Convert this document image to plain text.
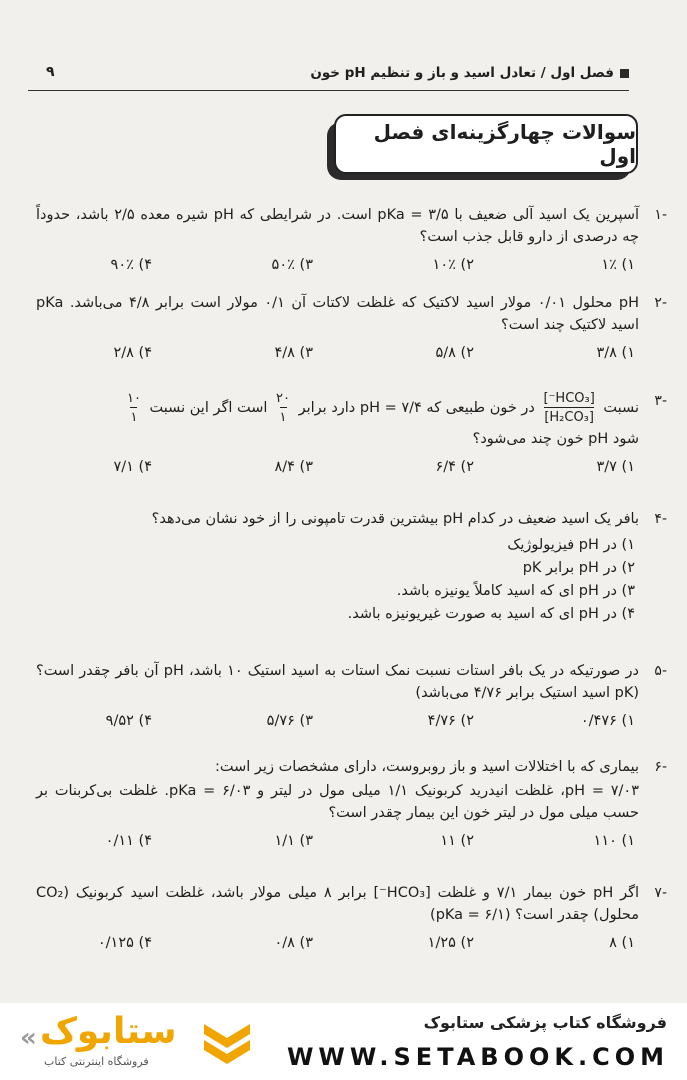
۹	فصل اول / تعادل اسید و باز و تنظیم pH خون
سوالات چهارگزینه‌ای فصل اول
-۱

آسپرین یک اسید آلی ضعیف با pKa = ۳/۵ است. در شرایطی که pH شیره معده ۲/۵ باشد، حدوداً چه درصدی از دارو قابل جذب است؟

۱) ۱٪
۲) ۱۰٪
۳) ۵۰٪
۴) ۹۰٪
-۲

pH محلول ۰/۰۱ مولار اسید لاکتیک که غلظت لاکتات آن ۰/۱ مولار است برابر ۴/۸ می‌باشد. pKa اسید لاکتیک چند است؟

۱) ۳/۸
۲) ۵/۸
۳) ۴/۸
۴) ۲/۸
-۳

نسبت
$\frac{\text{[HCO₃⁻]}}{\text{[H₂CO₃]}}$
در خون طبیعی که pH = ۷/۴ دارد برابر
$\frac{۲۰}{۱}$
است اگر این نسبت
$\frac{۱۰}{۱}$

شود pH خون چند می‌شود؟

۱) ۳/۷
۲) ۶/۴
۳) ۸/۴
۴) ۷/۱
-۴

بافر یک اسید ضعیف در کدام pH بیشترین قدرت تامپونی را از خود نشان می‌دهد؟

۱) در pH فیزیولوژیک
۲) در pH برابر pK
۳) در pH ای که اسید کاملاً یونیزه باشد.
۴) در pH ای که اسید به صورت غیریونیزه باشد.
-۵

در صورتیکه در یک بافر استات نسبت نمک استات به اسید استیک ۱۰ باشد، pH آن بافر چقدر است؟ (pK اسید استیک برابر ۴/۷۶ می‌باشد)

۱) ۰/۴۷۶
۲) ۴/۷۶
۳) ۵/۷۶
۴) ۹/۵۲
-۶

بیماری که با اختلالات اسید و باز روبروست، دارای مشخصات زیر است:

pH = ۷/۰۳، غلظت انیدرید کربونیک ۱/۱ میلی مول در لیتر و pKa = ۶/۰۳. غلظت بی‌کربنات بر حسب میلی مول در لیتر خون این بیمار چقدر است؟

۱) ۱۱۰
۲) ۱۱
۳) ۱/۱
۴) ۰/۱۱
-۷

اگر pH خون بیمار ۷/۱ و غلظت [HCO₃⁻] برابر ۸ میلی مولار باشد، غلظت اسید کربونیک (CO₂ محلول) چقدر است؟ (pKa = ۶/۱)

۱) ۸
۲) ۱/۲۵
۳) ۰/۸
۴) ۰/۱۲۵
فروشگاه کتاب پزشکی ستابوک
WWW.SETABOOK.COM
ستابوک
فروشگاه اینترنتی کتاب
«
